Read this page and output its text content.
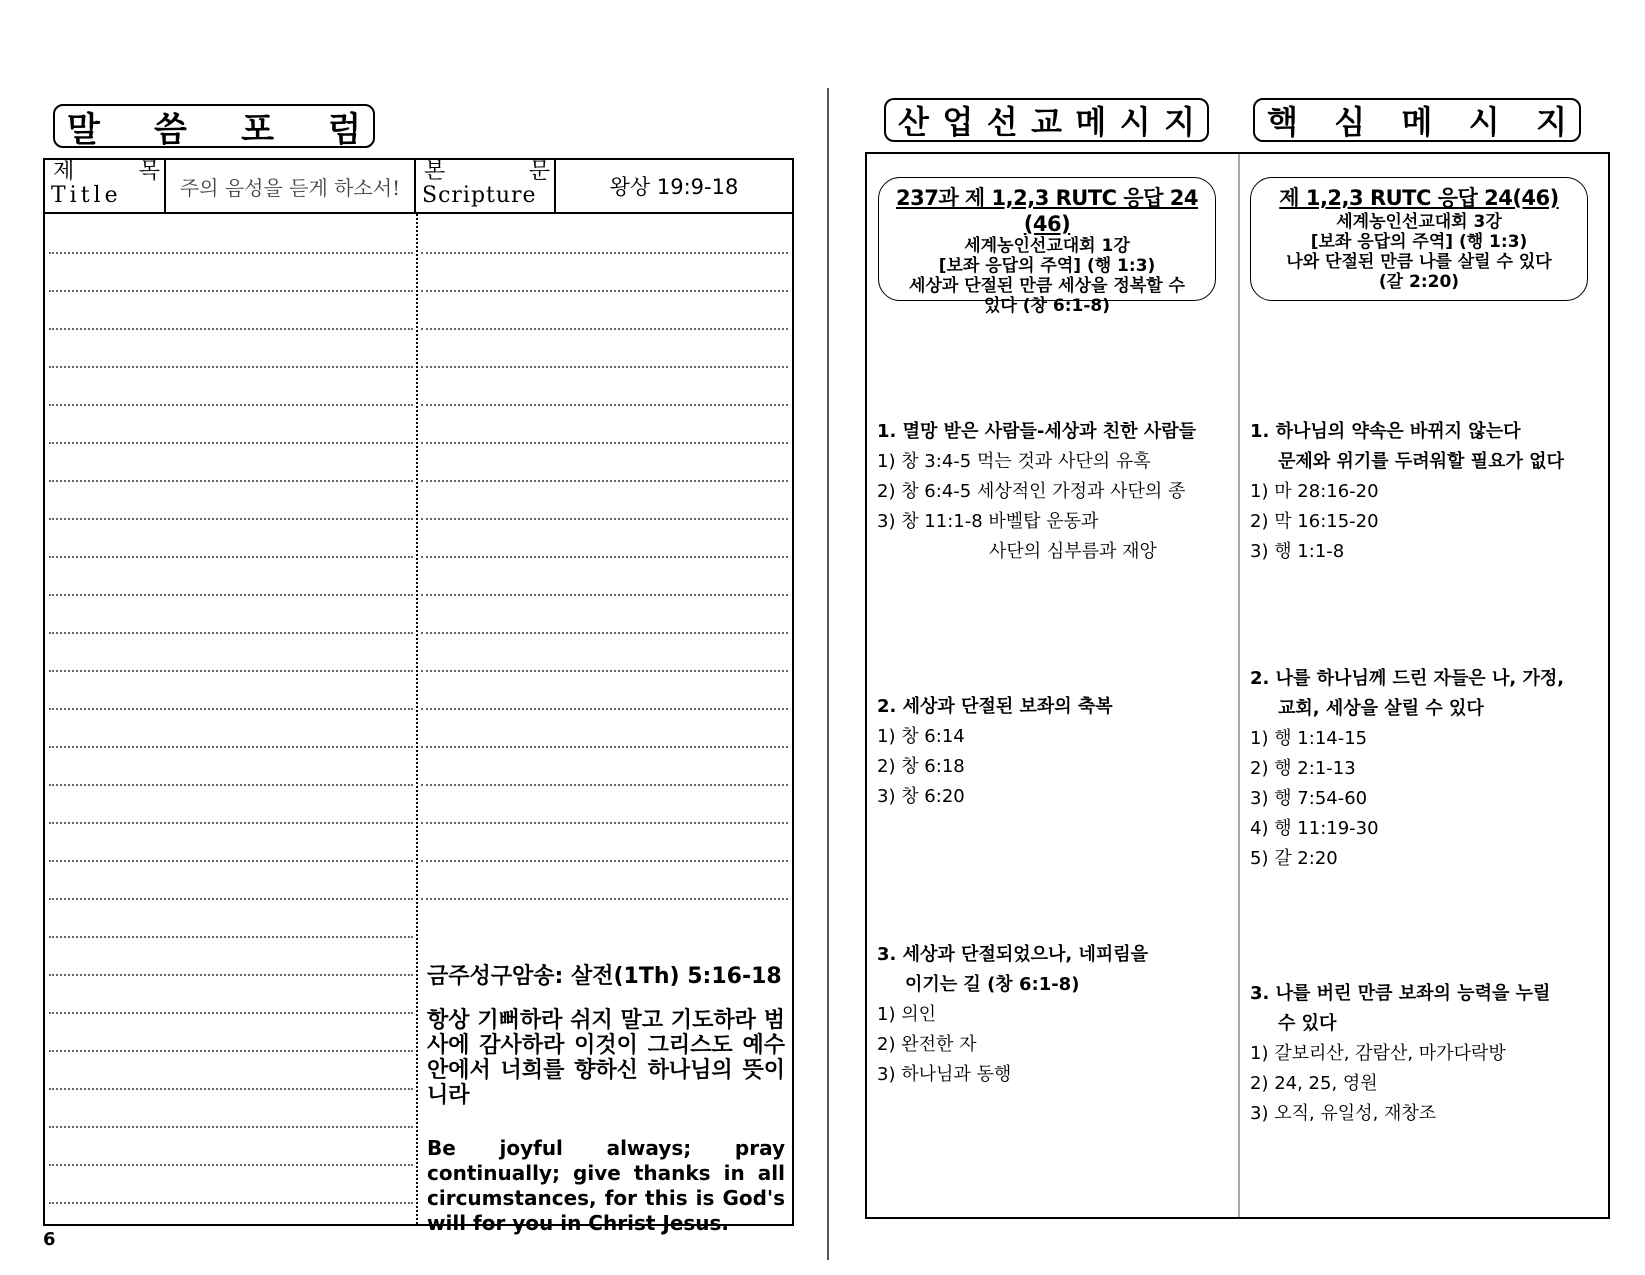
말 씀 포 럼
제	목
Title	주의 음성을 듣게 하소서!
본	문
Scripture	왕상 19:9-18
금주성구암송: 살전(1Th) 5:16-18
항상 기뻐하라 쉬지 말고 기도하라 범사에 감사하라 이것이 그리스도 예수 안에서 너희를 향하신 하나님의 뜻이니라
Be joyful always; pray continually; give thanks in all circumstances, for this is God's will for you in Christ Jesus.
6
산 업 선 교 메 시 지 핵 심 메 시 지
237과 제 1,2,3 RUTC 응답 24 (46)
세계농인선교대회 1강
[보좌 응답의 주역] (행 1:3)
세상과 단절된 만큼 세상을 정복할 수
있다 (창 6:1-8)
1. 멸망 받은 사람들-세상과 친한 사람들
1) 창 3:4-5 먹는 것과 사단의 유혹
2) 창 6:4-5 세상적인 가정과 사단의 종
3) 창 11:1-8 바벨탑 운동과
사단의 심부름과 재앙
2. 세상과 단절된 보좌의 축복
1) 창 6:14
2) 창 6:18
3) 창 6:20
3. 세상과 단절되었으나, 네피림을
이기는 길 (창 6:1-8)
1) 의인
2) 완전한 자
3) 하나님과 동행
제 1,2,3 RUTC 응답 24(46)
세계농인선교대회 3강
[보좌 응답의 주역] (행 1:3)
나와 단절된 만큼 나를 살릴 수 있다
(갈 2:20)
1. 하나님의 약속은 바뀌지 않는다
문제와 위기를 두려워할 필요가 없다
1) 마 28:16-20
2) 막 16:15-20
3) 행 1:1-8
2. 나를 하나님께 드린 자들은 나, 가정,
교회, 세상을 살릴 수 있다
1) 행 1:14-15
2) 행 2:1-13
3) 행 7:54-60
4) 행 11:19-30
5) 갈 2:20
3. 나를 버린 만큼 보좌의 능력을 누릴
수 있다
1) 갈보리산, 감람산, 마가다락방
2) 24, 25, 영원
3) 오직, 유일성, 재창조
